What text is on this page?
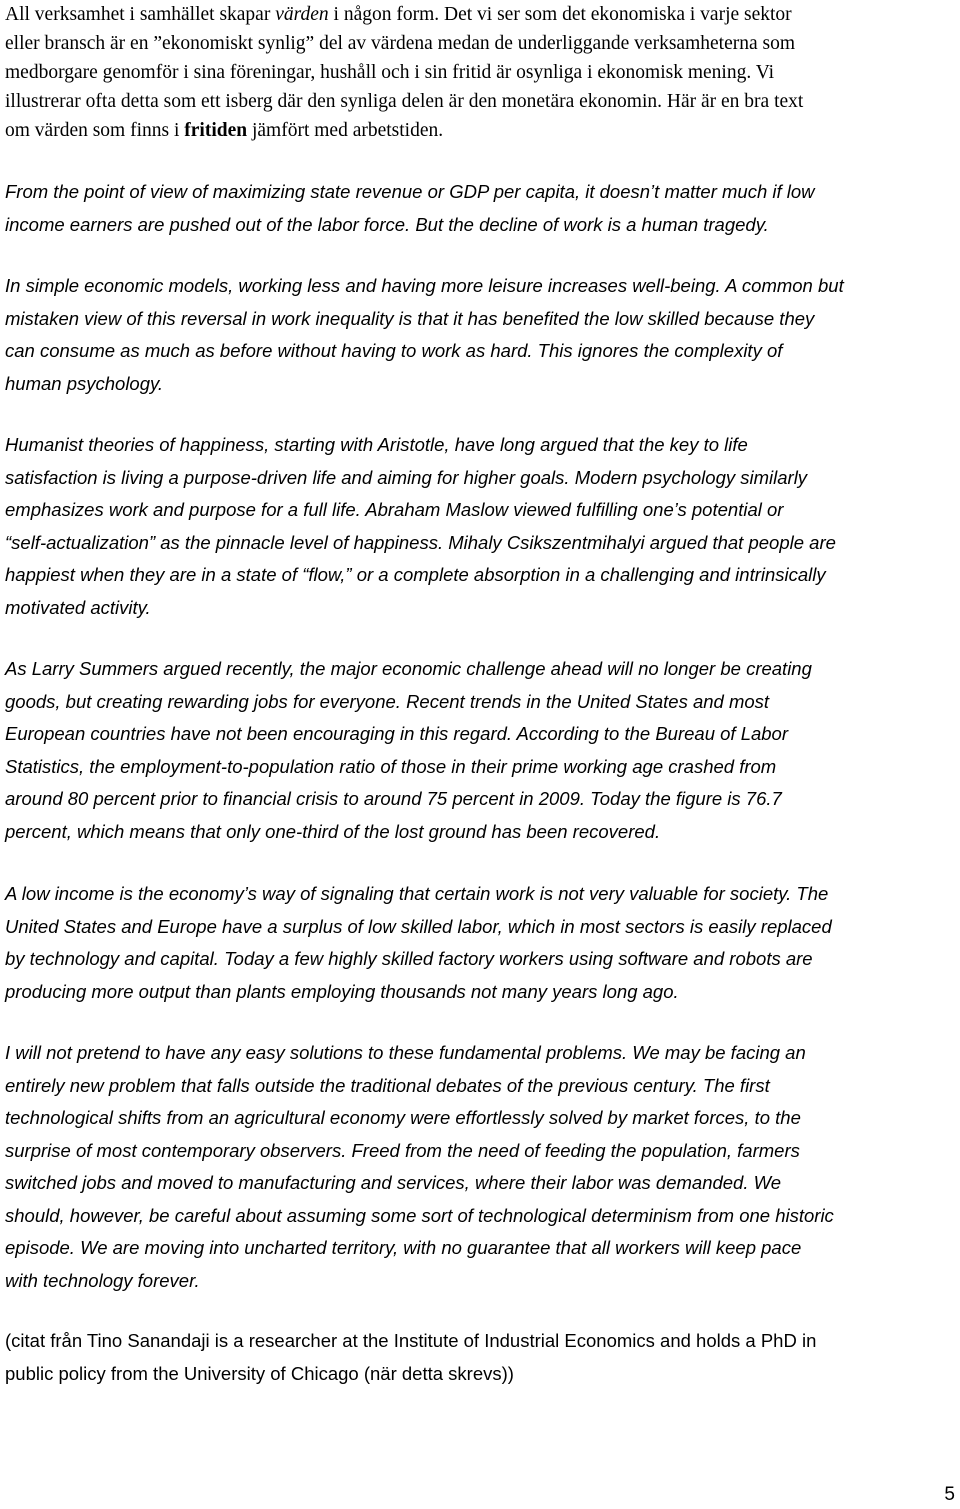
All verksamhet i samhället skapar värden i någon form. Det vi ser som det ekonomiska i varje sektor
eller bransch är en ”ekonomiskt synlig” del av värdena medan de underliggande verksamheterna som
medborgare genomför i sina föreningar, hushåll och i sin fritid är osynliga i ekonomisk mening. Vi
illustrerar ofta detta som ett isberg där den synliga delen är den monetära ekonomin. Här är en bra text
om värden som finns i fritiden jämfört med arbetstiden.
From the point of view of maximizing state revenue or GDP per capita, it doesn’t matter much if low
income earners are pushed out of the labor force. But the decline of work is a human tragedy.
In simple economic models, working less and having more leisure increases well-being. A common but
mistaken view of this reversal in work inequality is that it has benefited the low skilled because they
can consume as much as before without having to work as hard. This ignores the complexity of
human psychology.
Humanist theories of happiness, starting with Aristotle, have long argued that the key to life
satisfaction is living a purpose-driven life and aiming for higher goals. Modern psychology similarly
emphasizes work and purpose for a full life. Abraham Maslow viewed fulfilling one’s potential or
“self-actualization” as the pinnacle level of happiness. Mihaly Csikszentmihalyi argued that people are
happiest when they are in a state of “flow,” or a complete absorption in a challenging and intrinsically
motivated activity.
As Larry Summers argued recently, the major economic challenge ahead will no longer be creating
goods, but creating rewarding jobs for everyone. Recent trends in the United States and most
European countries have not been encouraging in this regard. According to the Bureau of Labor
Statistics, the employment-to-population ratio of those in their prime working age crashed from
around 80 percent prior to financial crisis to around 75 percent in 2009. Today the figure is 76.7
percent, which means that only one-third of the lost ground has been recovered.
A low income is the economy’s way of signaling that certain work is not very valuable for society. The
United States and Europe have a surplus of low skilled labor, which in most sectors is easily replaced
by technology and capital. Today a few highly skilled factory workers using software and robots are
producing more output than plants employing thousands not many years long ago.
I will not pretend to have any easy solutions to these fundamental problems. We may be facing an
entirely new problem that falls outside the traditional debates of the previous century. The first
technological shifts from an agricultural economy were effortlessly solved by market forces, to the
surprise of most contemporary observers. Freed from the need of feeding the population, farmers
switched jobs and moved to manufacturing and services, where their labor was demanded. We
should, however, be careful about assuming some sort of technological determinism from one historic
episode. We are moving into uncharted territory, with no guarantee that all workers will keep pace
with technology forever.
(citat från Tino Sanandaji is a researcher at the Institute of Industrial Economics and holds a PhD in
public policy from the University of Chicago (när detta skrevs))
5
